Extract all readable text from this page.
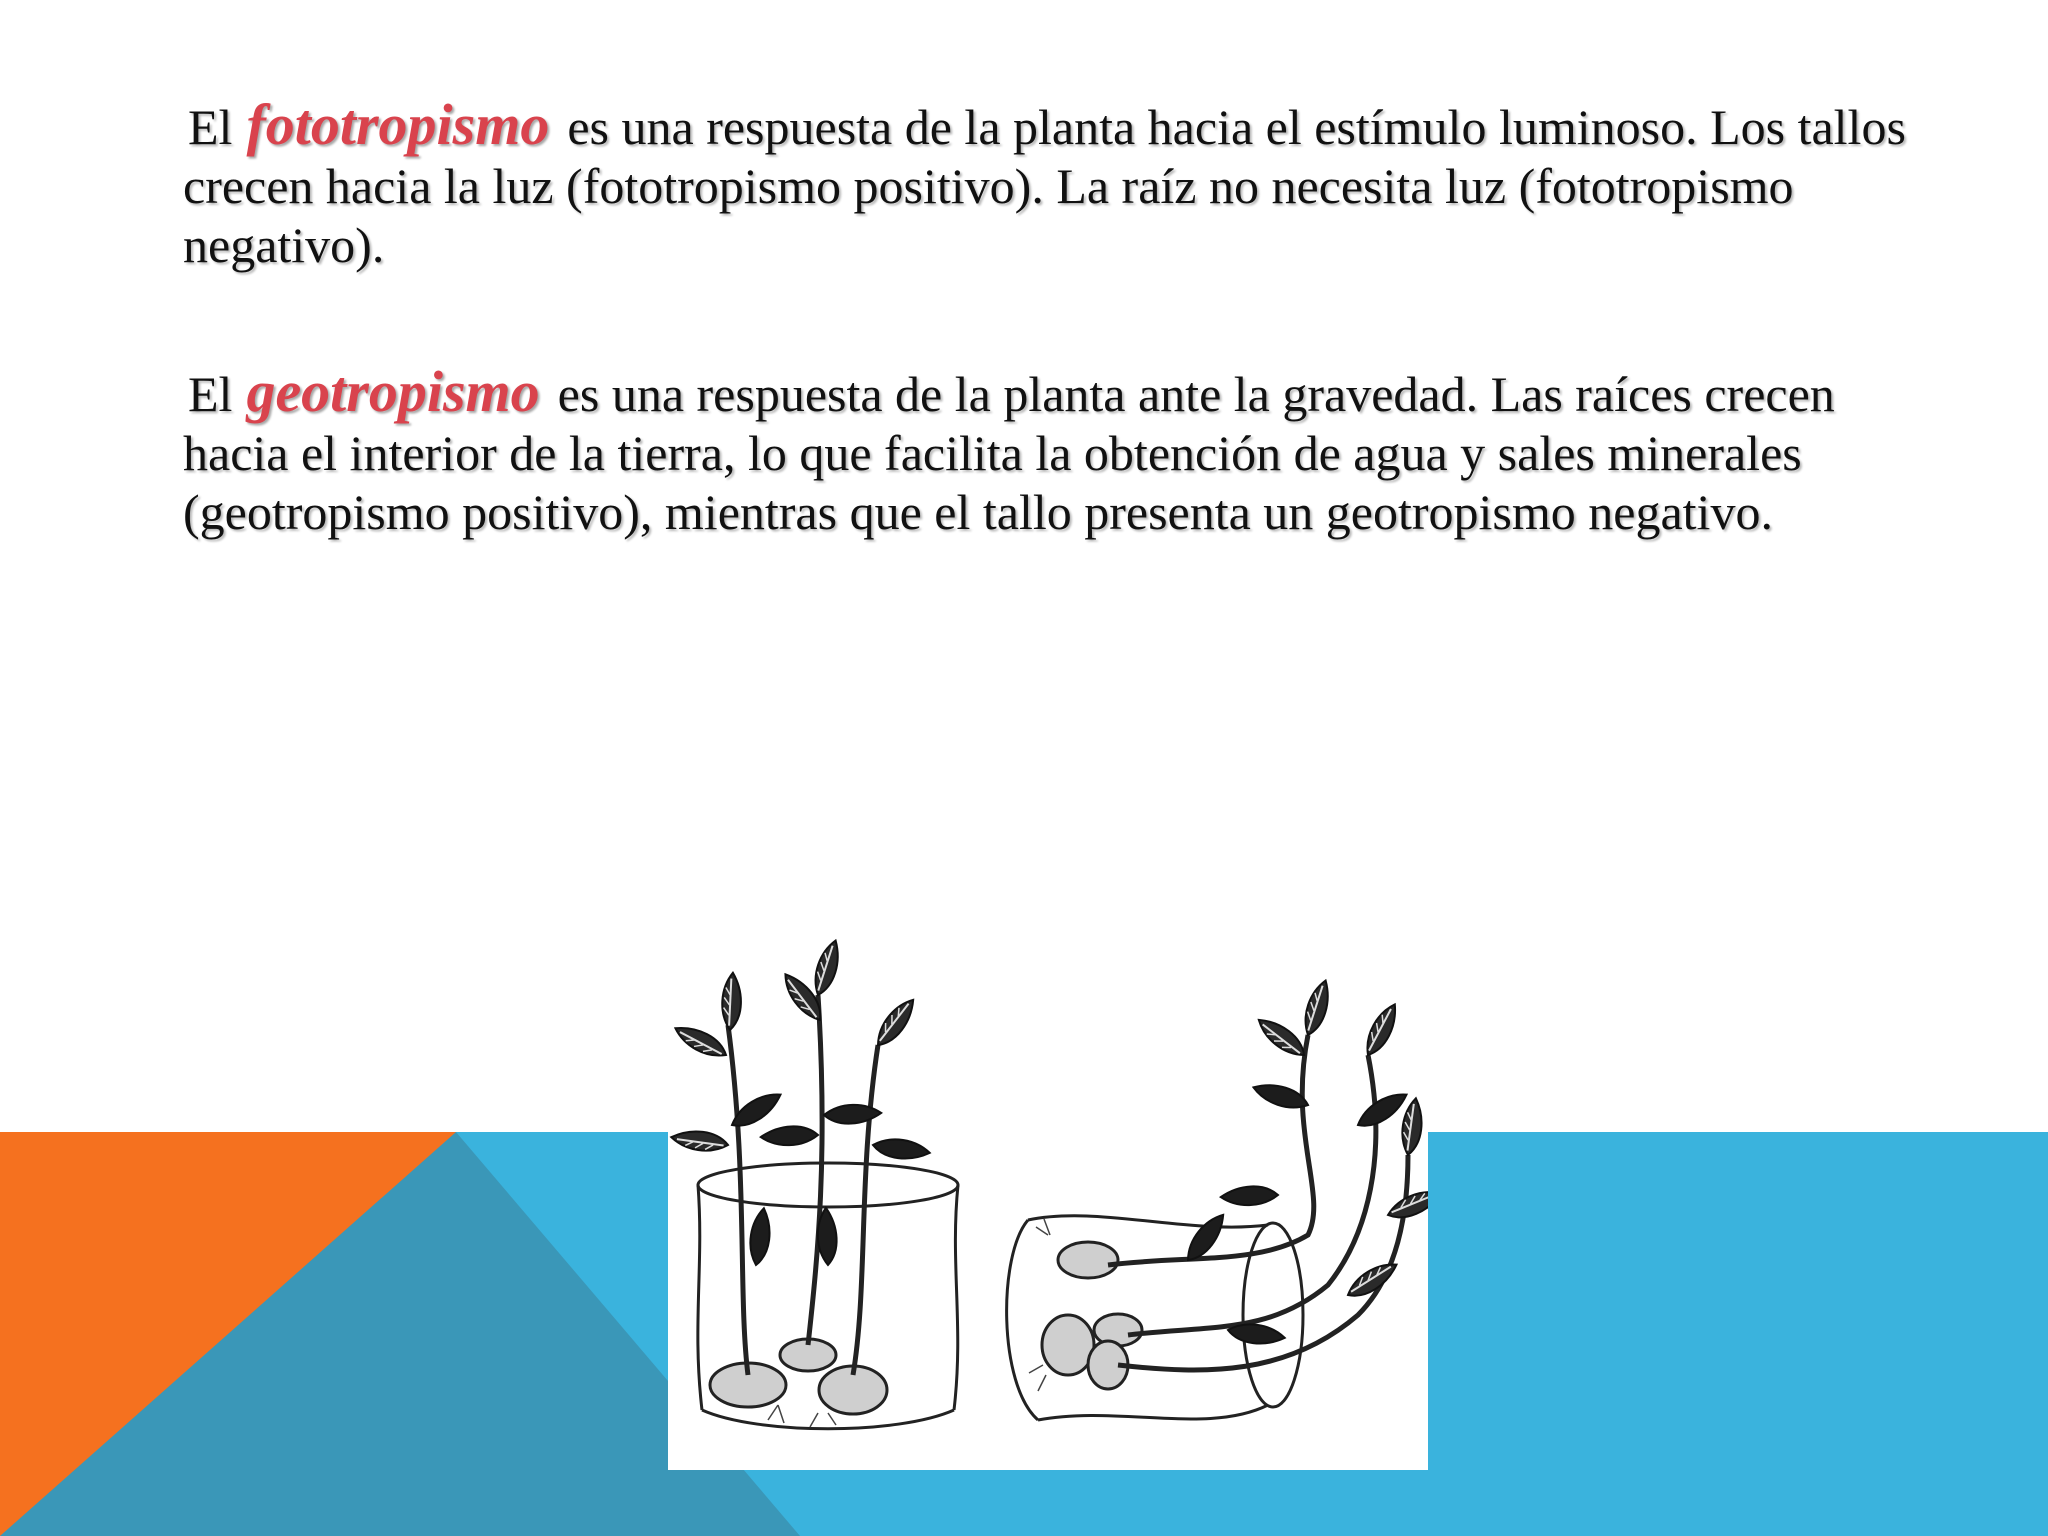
El fototropismo es una respuesta de la planta hacia el estímulo luminoso. Los tallos crecen hacia la luz (fototropismo positivo). La raíz no necesita luz (fototropismo negativo).

El geotropismo es una respuesta de la planta ante la gravedad. Las raíces crecen hacia el interior de la tierra, lo que facilita la obtención de agua y sales minerales (geotropismo positivo), mientras que el tallo presenta un geotropismo negativo.
